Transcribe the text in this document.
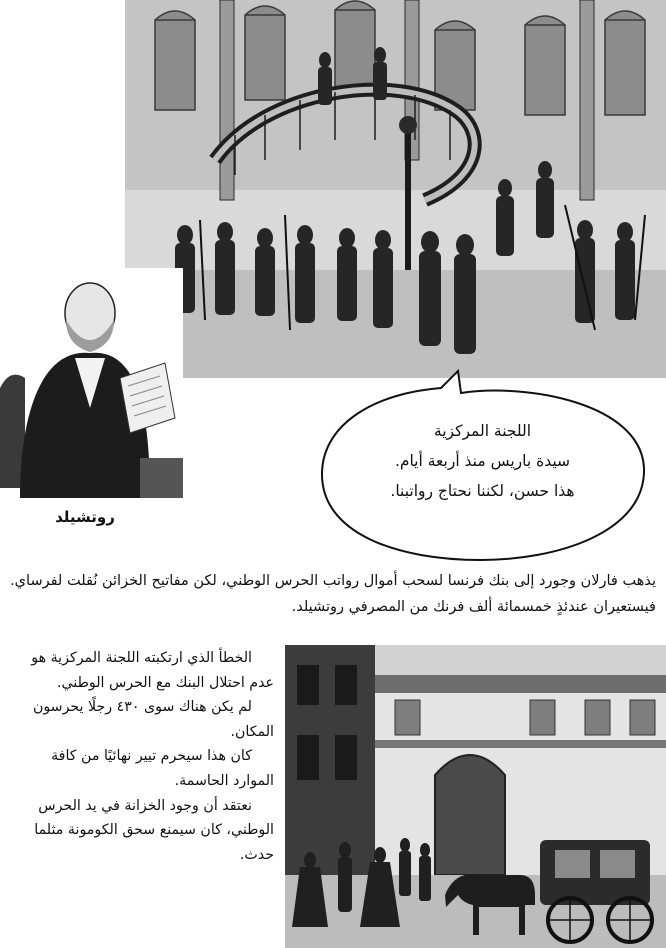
روتشيلد
اللجنة المركزية
سيدة باريس منذ أربعة أيام.
هذا حسن، لكننا نحتاج رواتبنا.
يذهب فارلان وجورد إلى بنك فرنسا لسحب أموال رواتب الحرس الوطني، لكن مفاتيح الخزائن نُقلت لفرساي. فيستعيران عندئذٍ خمسمائة ألف فرنك من المصرفي روتشيلد.

الخطأ الذي ارتكبته اللجنة المركزية هو عدم احتلال البنك مع الحرس الوطني.

لم يكن هناك سوى ٤٣٠ رجلًا يحرسون المكان.

كان هذا سيحرم تيير نهائيًا من كافة الموارد الحاسمة.

نعتقد أن وجود الخزانة في يد الحرس الوطني، كان سيمنع سحق الكومونة مثلما حدث.
